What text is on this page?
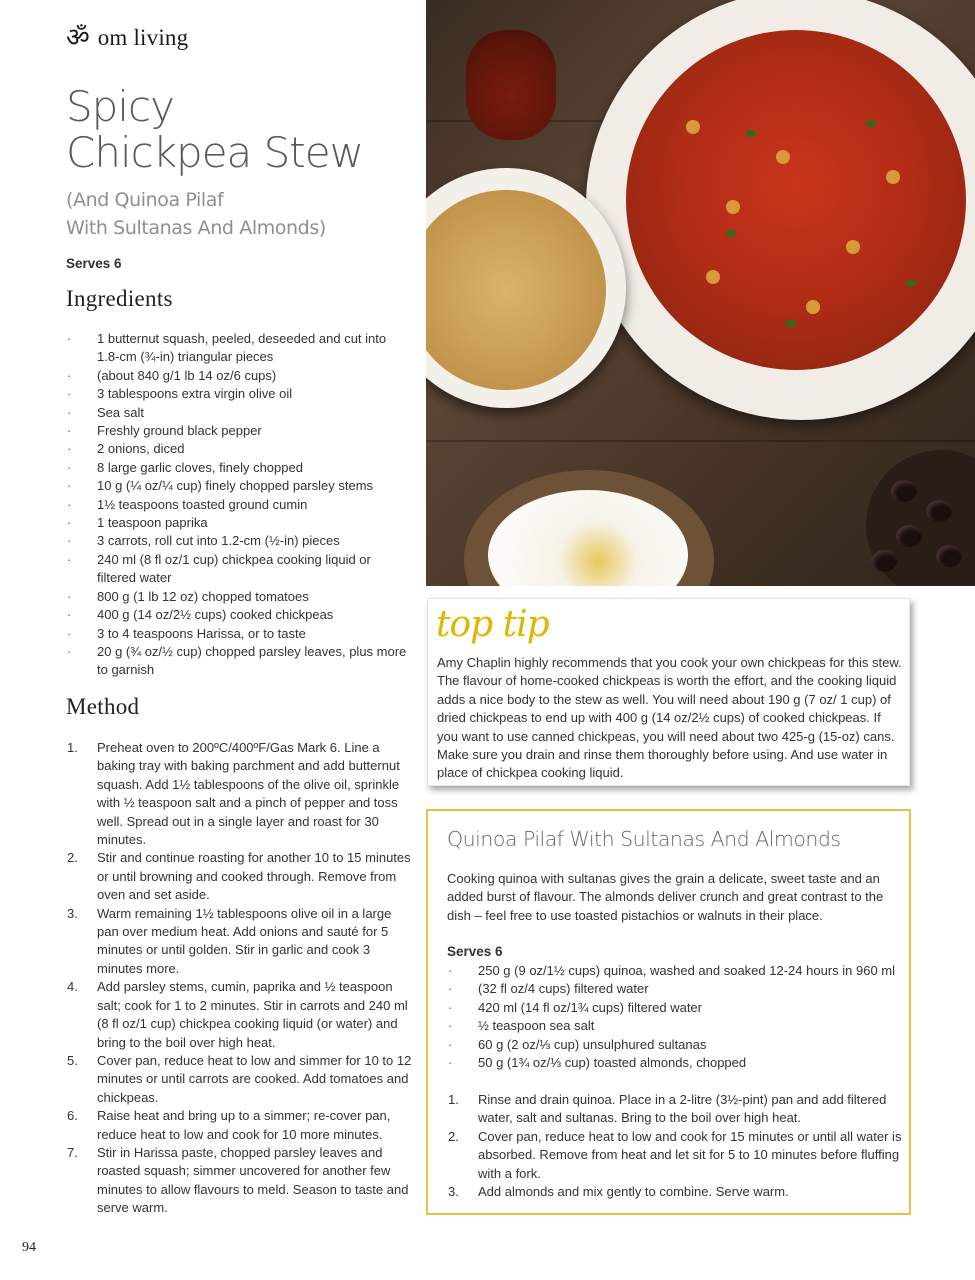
ॐ om living
Spicy
Chickpea Stew
(And Quinoa Pilaf
With Sultanas And Almonds)
Serves 6
Ingredients
· 1 butternut squash, peeled, deseeded and cut into 1.8-cm (¾-in) triangular pieces
· (about 840 g/1 lb 14 oz/6 cups)
· 3 tablespoons extra virgin olive oil
· Sea salt
· Freshly ground black pepper
· 2 onions, diced
· 8 large garlic cloves, finely chopped
· 10 g (¼ oz/¼ cup) finely chopped parsley stems
· 1½ teaspoons toasted ground cumin
· 1 teaspoon paprika
· 3 carrots, roll cut into 1.2-cm (½-in) pieces
· 240 ml (8 fl oz/1 cup) chickpea cooking liquid or filtered water
· 800 g (1 lb 12 oz) chopped tomatoes
· 400 g (14 oz/2½ cups) cooked chickpeas
· 3 to 4 teaspoons Harissa, or to taste
· 20 g (¾ oz/½ cup) chopped parsley leaves, plus more to garnish
Method
1. Preheat oven to 200ºC/400ºF/Gas Mark 6. Line a baking tray with baking parchment and add butternut squash. Add 1½ tablespoons of the olive oil, sprinkle with ½ teaspoon salt and a pinch of pepper and toss well. Spread out in a single layer and roast for 30 minutes.
2. Stir and continue roasting for another 10 to 15 minutes or until browning and cooked through. Remove from oven and set aside.
3. Warm remaining 1½ tablespoons olive oil in a large pan over medium heat. Add onions and sauté for 5 minutes or until golden. Stir in garlic and cook 3 minutes more.
4. Add parsley stems, cumin, paprika and ½ teaspoon salt; cook for 1 to 2 minutes. Stir in carrots and 240 ml (8 fl oz/1 cup) chickpea cooking liquid (or water) and bring to the boil over high heat.
5. Cover pan, reduce heat to low and simmer for 10 to 12 minutes or until carrots are cooked. Add tomatoes and chickpeas.
6. Raise heat and bring up to a simmer; re-cover pan, reduce heat to low and cook for 10 more minutes.
7. Stir in Harissa paste, chopped parsley leaves and roasted squash; simmer uncovered for another few minutes to allow flavours to meld. Season to taste and serve warm.
94
top tip
Amy Chaplin highly recommends that you cook your own chickpeas for this stew. The flavour of home-cooked chickpeas is worth the effort, and the cooking liquid adds a nice body to the stew as well. You will need about 190 g (7 oz/ 1 cup) of dried chickpeas to end up with 400 g (14 oz/2½ cups) of cooked chickpeas. If you want to use canned chickpeas, you will need about two 425-g (15-oz) cans. Make sure you drain and rinse them thoroughly before using. And use water in place of chickpea cooking liquid.
Quinoa Pilaf With Sultanas And Almonds
Cooking quinoa with sultanas gives the grain a delicate, sweet taste and an added burst of flavour. The almonds deliver crunch and great contrast to the dish – feel free to use toasted pistachios or walnuts in their place.
Serves 6
· 250 g (9 oz/1½ cups) quinoa, washed and soaked 12-24 hours in 960 ml
· (32 fl oz/4 cups) filtered water
· 420 ml (14 fl oz/1¾ cups) filtered water
· ½ teaspoon sea salt
· 60 g (2 oz/⅓ cup) unsulphured sultanas
· 50 g (1¾ oz/⅓ cup) toasted almonds, chopped
1. Rinse and drain quinoa. Place in a 2-litre (3½-pint) pan and add filtered water, salt and sultanas. Bring to the boil over high heat.
2. Cover pan, reduce heat to low and cook for 15 minutes or until all water is absorbed. Remove from heat and let sit for 5 to 10 minutes before fluffing with a fork.
3. Add almonds and mix gently to combine. Serve warm.
